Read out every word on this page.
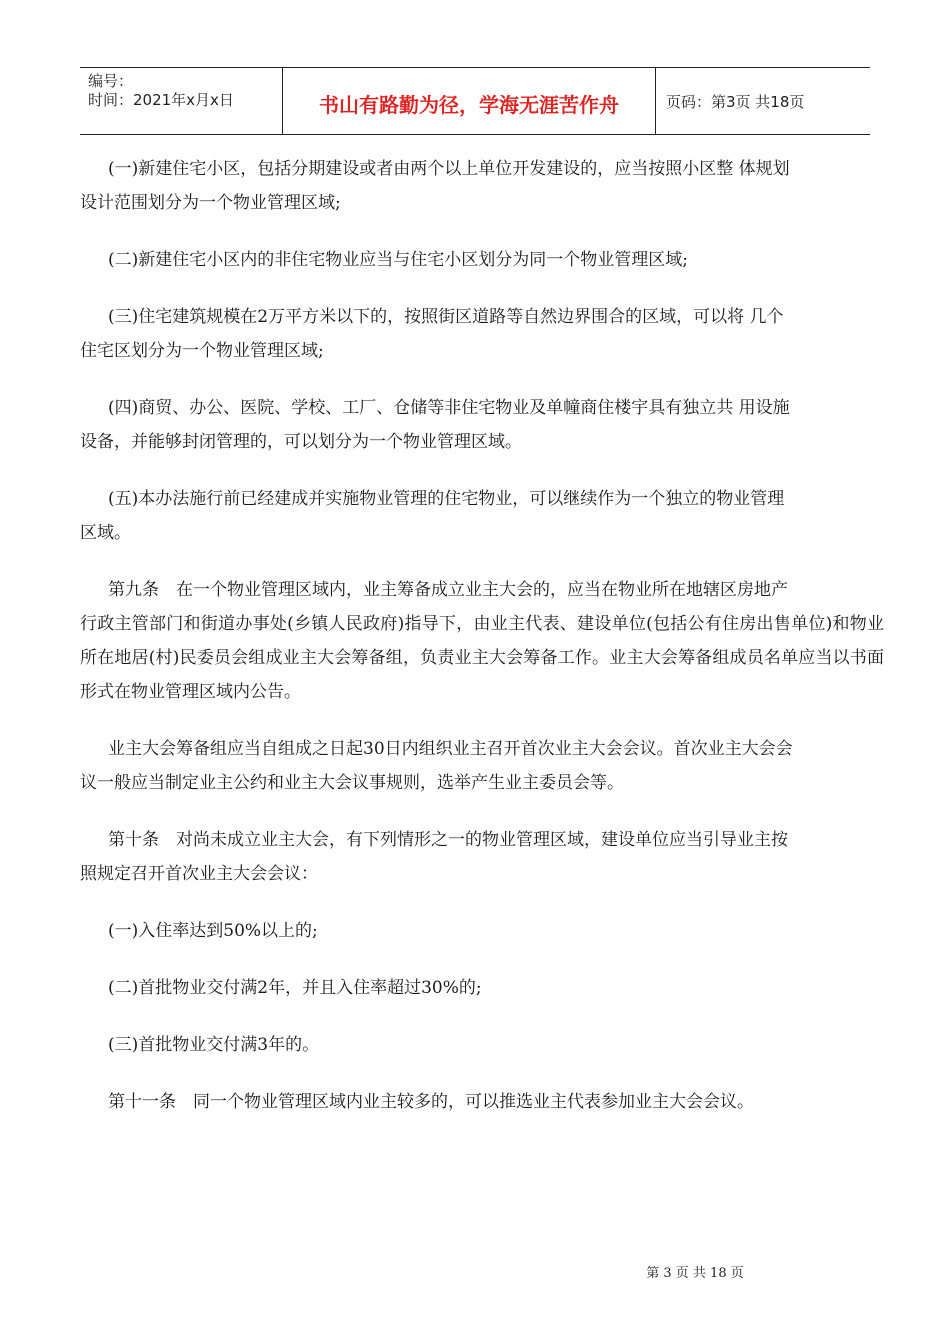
编号：
时间：2021年x月x日	书山有路勤为径，学海无涯苦作舟	页码：第3页 共18页
(一)新建住宅小区，包括分期建设或者由两个以上单位开发建设的，应当按照小区整 体规划
设计范围划分为一个物业管理区域;
(二)新建住宅小区内的非住宅物业应当与住宅小区划分为同一个物业管理区域;
(三)住宅建筑规模在2万平方米以下的，按照街区道路等自然边界围合的区域，可以将 几个
住宅区划分为一个物业管理区域;
(四)商贸、办公、医院、学校、工厂、仓储等非住宅物业及单幢商住楼宇具有独立共 用设施
设备，并能够封闭管理的，可以划分为一个物业管理区域。
(五)本办法施行前已经建成并实施物业管理的住宅物业，可以继续作为一个独立的物业管理
区域。
第九条　在一个物业管理区域内，业主筹备成立业主大会的，应当在物业所在地辖区房地产
行政主管部门和街道办事处(乡镇人民政府)指导下，由业主代表、建设单位(包括公有住房出售单位)和物业所在地居(村)民委员会组成业主大会筹备组，负责业主大会筹备工作。业主大会筹备组成员名单应当以书面形式在物业管理区域内公告。
业主大会筹备组应当自组成之日起30日内组织业主召开首次业主大会会议。首次业主大会会
议一般应当制定业主公约和业主大会议事规则，选举产生业主委员会等。
第十条　对尚未成立业主大会，有下列情形之一的物业管理区域，建设单位应当引导业主按
照规定召开首次业主大会会议：
(一)入住率达到50%以上的;
(二)首批物业交付满2年，并且入住率超过30%的;
(三)首批物业交付满3年的。
第十一条　同一个物业管理区域内业主较多的，可以推选业主代表参加业主大会会议。
第 3 页 共 18 页
